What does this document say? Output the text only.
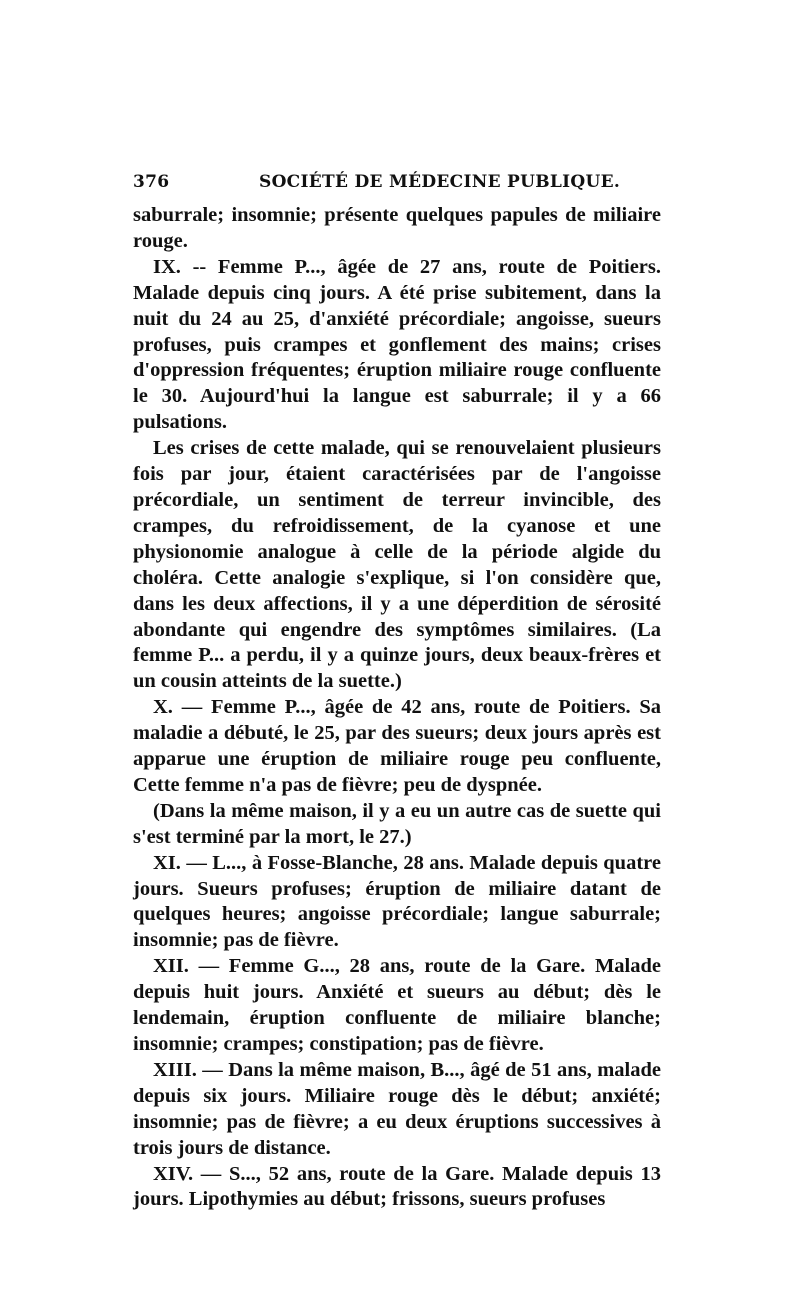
376	SOCIÉTÉ DE MÉDECINE PUBLIQUE.

saburrale; insomnie; présente quelques papules de miliaire rouge.

IX. -- Femme P..., âgée de 27 ans, route de Poitiers. Malade depuis cinq jours. A été prise subitement, dans la nuit du 24 au 25, d'anxiété précordiale; angoisse, sueurs profuses, puis crampes et gonflement des mains; crises d'oppression fréquentes; éruption miliaire rouge confluente le 30. Aujourd'hui la langue est saburrale; il y a 66 pulsations.

Les crises de cette malade, qui se renouvelaient plusieurs fois par jour, étaient caractérisées par de l'angoisse précordiale, un sentiment de terreur invincible, des crampes, du refroidissement, de la cyanose et une physionomie analogue à celle de la période algide du choléra. Cette analogie s'explique, si l'on considère que, dans les deux affections, il y a une déperdition de sérosité abondante qui engendre des symptômes similaires. (La femme P... a perdu, il y a quinze jours, deux beaux-frères et un cousin atteints de la suette.)

X. — Femme P..., âgée de 42 ans, route de Poitiers. Sa maladie a débuté, le 25, par des sueurs; deux jours après est apparue une éruption de miliaire rouge peu confluente, Cette femme n'a pas de fièvre; peu de dyspnée.

(Dans la même maison, il y a eu un autre cas de suette qui s'est terminé par la mort, le 27.)

XI. — L..., à Fosse-Blanche, 28 ans. Malade depuis quatre jours. Sueurs profuses; éruption de miliaire datant de quelques heures; angoisse précordiale; langue saburrale; insomnie; pas de fièvre.

XII. — Femme G..., 28 ans, route de la Gare. Malade depuis huit jours. Anxiété et sueurs au début; dès le lendemain, éruption confluente de miliaire blanche; insomnie; crampes; constipation; pas de fièvre.

XIII. — Dans la même maison, B..., âgé de 51 ans, malade depuis six jours. Miliaire rouge dès le début; anxiété; insomnie; pas de fièvre; a eu deux éruptions successives à trois jours de distance.

XIV. — S..., 52 ans, route de la Gare. Malade depuis 13 jours. Lipothymies au début; frissons, sueurs profuses
